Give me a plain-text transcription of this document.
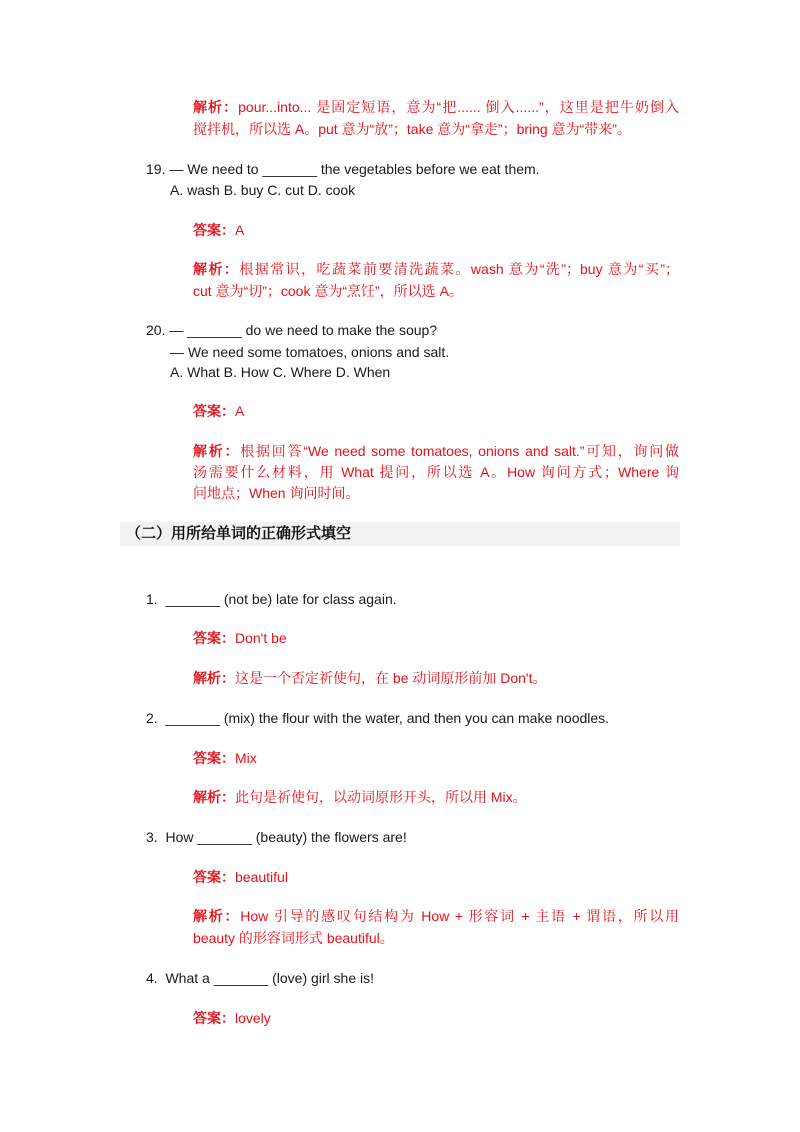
解析：pour...into... 是固定短语，意为“把...... 倒入......”，这里是把牛奶倒入
搅拌机，所以选 A。put 意为“放”；take 意为“拿走”；bring 意为“带来”。
19. — We need to _______ the vegetables before we eat them.
A. wash B. buy C. cut D. cook
答案：A
解析：根据常识，吃蔬菜前要清洗蔬菜。wash 意为“洗”；buy 意为“买”；
cut 意为“切”；cook 意为“烹饪”，所以选 A。
20. — _______ do we need to make the soup?
— We need some tomatoes, onions and salt.
A. What B. How C. Where D. When
答案：A
解析：根据回答“We need some tomatoes, onions and salt.”可知，询问做
汤需要什么材料，用 What 提问，所以选 A。How 询问方式；Where 询
问地点；When 询问时间。
（二）用所给单词的正确形式填空
1. _______ (not be) late for class again.
答案：Don't be
解析：这是一个否定祈使句，在 be 动词原形前加 Don't。
2. _______ (mix) the flour with the water, and then you can make noodles.
答案：Mix
解析：此句是祈使句，以动词原形开头，所以用 Mix。
3. How _______ (beauty) the flowers are!
答案：beautiful
解析：How 引导的感叹句结构为 How + 形容词 + 主语 + 谓语，所以用
beauty 的形容词形式 beautiful。
4. What a _______ (love) girl she is!
答案：lovely
